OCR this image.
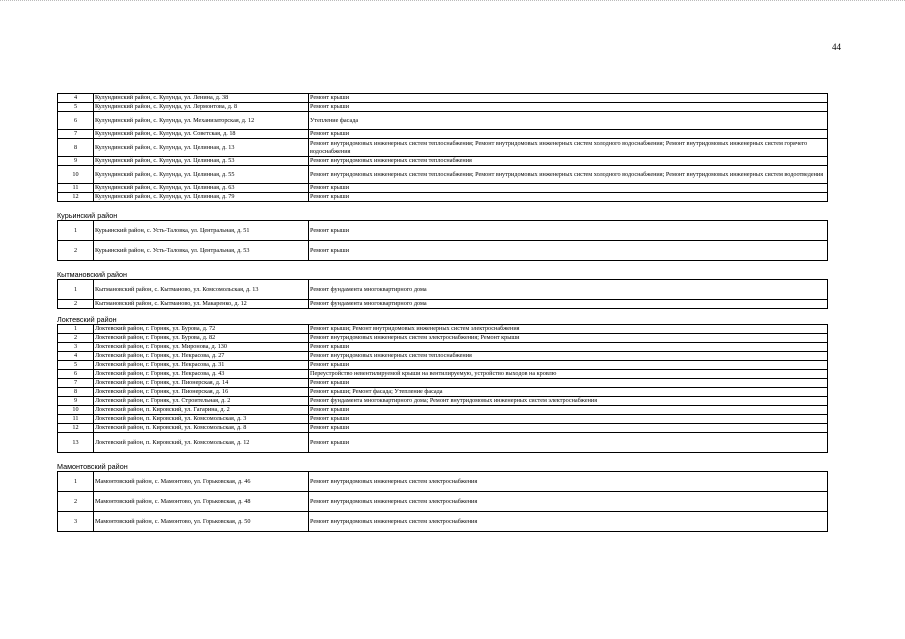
44
4	Кулундинский район, с. Кулунда, ул. Ленина, д. 38	Ремонт крыши
5	Кулундинский район, с. Кулунда, ул. Лермонтова, д. 8	Ремонт крыши
6	Кулундинский район, с. Кулунда, ул. Механизаторская, д. 12	Утепление фасада
7	Кулундинский район, с. Кулунда, ул. Советская, д. 18	Ремонт крыши
8	Кулундинский район, с. Кулунда, ул. Целинная, д. 13	Ремонт внутридомовых инженерных систем теплоснабжения; Ремонт внутридомовых инженерных систем холодного водоснабжения; Ремонт внутридомовых инженерных систем горячего водоснабжения
9	Кулундинский район, с. Кулунда, ул. Целинная, д. 53	Ремонт внутридомовых инженерных систем теплоснабжения
10	Кулундинский район, с. Кулунда, ул. Целинная, д. 55	Ремонт внутридомовых инженерных систем теплоснабжения; Ремонт внутридомовых инженерных систем холодного водоснабжения; Ремонт внутридомовых инженерных систем водоотведения
11	Кулундинский район, с. Кулунда, ул. Целинная, д. 63	Ремонт крыши
12	Кулундинский район, с. Кулунда, ул. Целинная, д. 79	Ремонт крыши
Курьинский район
1	Курьинский район, с. Усть-Таловка, ул. Центральная, д. 51	Ремонт крыши
2	Курьинский район, с. Усть-Таловка, ул. Центральная, д. 53	Ремонт крыши
Кытмановский район
1	Кытмановский район, с. Кытманово, ул. Комсомольская, д. 13	Ремонт фундамента многоквартирного дома
2	Кытмановский район, с. Кытманово, ул. Макаренко, д. 12	Ремонт фундамента многоквартирного дома
Локтевский район
1	Локтевский район, г. Горняк, ул. Бурова, д. 72	Ремонт крыши; Ремонт внутридомовых инженерных систем электроснабжения
2	Локтевский район, г. Горняк, ул. Бурова, д. 82	Ремонт внутридомовых инженерных систем электроснабжения; Ремонт крыши
3	Локтевский район, г. Горняк, ул. Миронова, д. 130	Ремонт крыши
4	Локтевский район, г. Горняк, ул. Некрасова, д. 27	Ремонт внутридомовых инженерных систем теплоснабжения
5	Локтевский район, г. Горняк, ул. Некрасова, д. 31	Ремонт крыши
6	Локтевский район, г. Горняк, ул. Некрасова, д. 43	Переустройство невентилируемой крыши на вентилируемую, устройство выходов на кровлю
7	Локтевский район, г. Горняк, ул. Пионерская, д. 14	Ремонт крыши
8	Локтевский район, г. Горняк, ул. Пионерская, д. 16	Ремонт крыши; Ремонт фасада; Утепление фасада
9	Локтевский район, г. Горняк, ул. Строительная, д. 2	Ремонт фундамента многоквартирного дома; Ремонт внутридомовых инженерных систем электроснабжения
10	Локтевский район, п. Кировский, ул. Гагарина, д. 2	Ремонт крыши
11	Локтевский район, п. Кировский, ул. Комсомольская, д. 3	Ремонт крыши
12	Локтевский район, п. Кировский, ул. Комсомольская, д. 8	Ремонт крыши
13	Локтевский район, п. Кировский, ул. Комсомольская, д. 12	Ремонт крыши
Мамонтовский район
1	Мамонтовский район, с. Мамонтово, ул. Горьковская, д. 46	Ремонт внутридомовых инженерных систем электроснабжения
2	Мамонтовский район, с. Мамонтово, ул. Горьковская, д. 48	Ремонт внутридомовых инженерных систем электроснабжения
3	Мамонтовский район, с. Мамонтово, ул. Горьковская, д. 50	Ремонт внутридомовых инженерных систем электроснабжения
